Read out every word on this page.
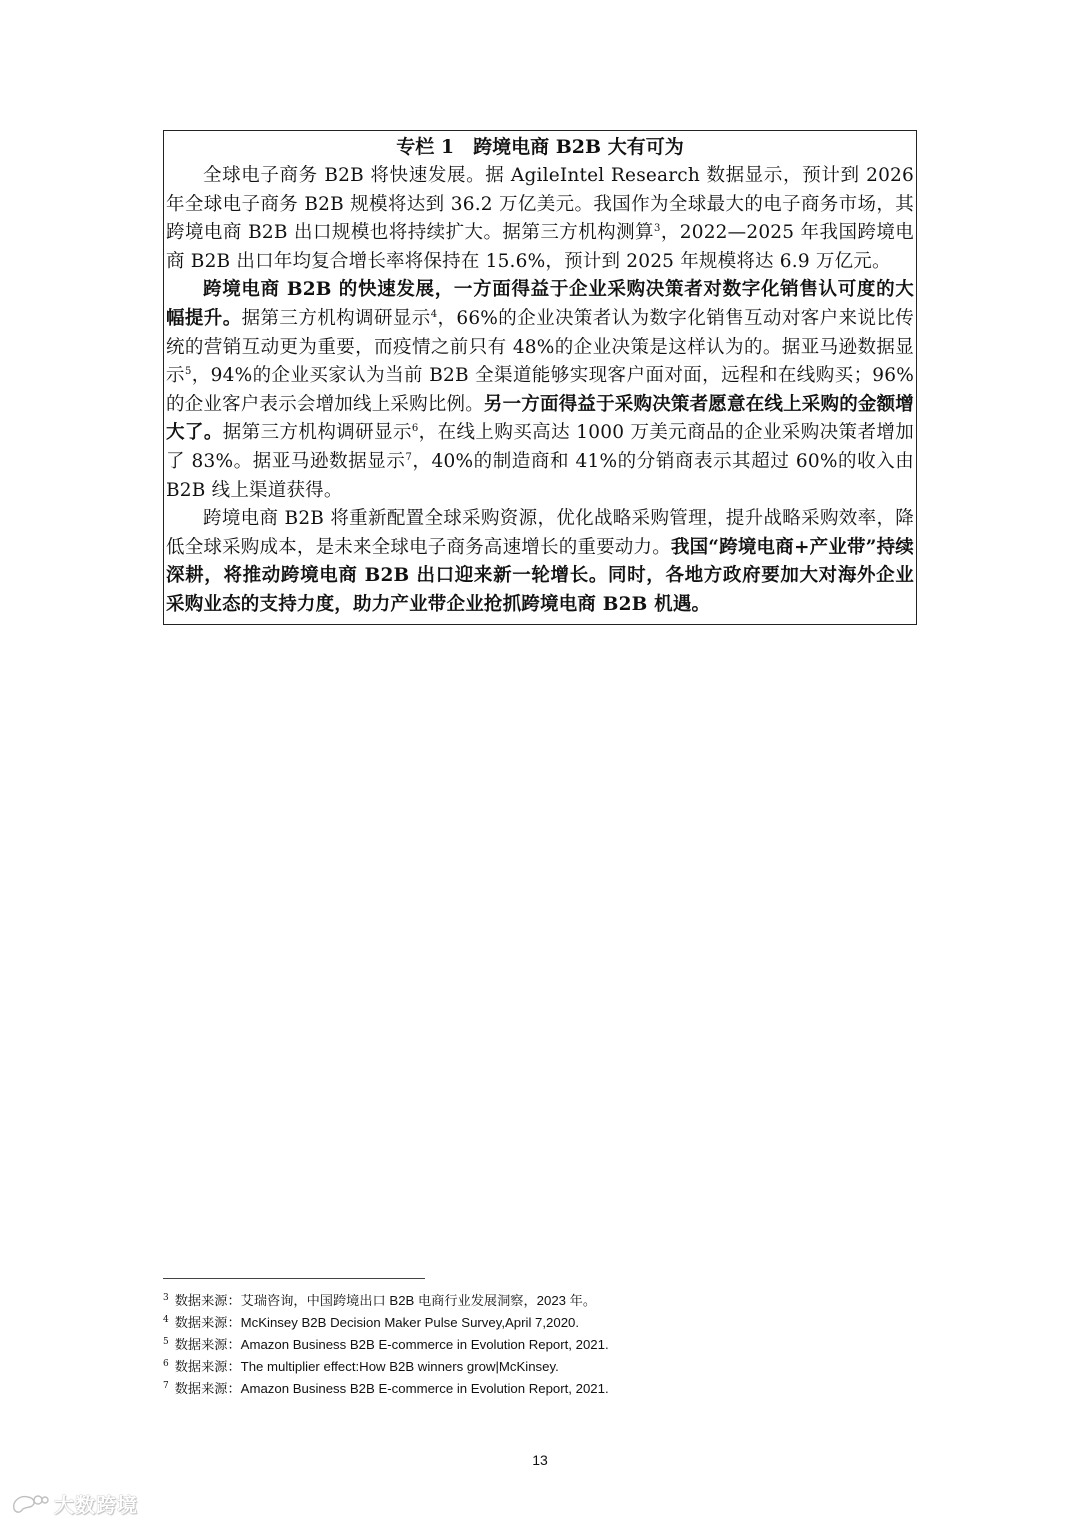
专栏 1　跨境电商 B2B 大有可为

全球电子商务 B2B 将快速发展。据 AgileIntel Research 数据显示，预计到 2026 年全球电子商务 B2B 规模将达到 36.2 万亿美元。我国作为全球最大的电子商务市场，其跨境电商 B2B 出口规模也将持续扩大。据第三方机构测算$^3$，2022—2025 年我国跨境电商 B2B 出口年均复合增长率将保持在 15.6%，预计到 2025 年规模将达 6.9 万亿元。

跨境电商 B2B 的快速发展，一方面得益于企业采购决策者对数字化销售认可度的大幅提升。据第三方机构调研显示$^4$，66%的企业决策者认为数字化销售互动对客户来说比传统的营销互动更为重要，而疫情之前只有 48%的企业决策是这样认为的。据亚马逊数据显示$^5$，94%的企业买家认为当前 B2B 全渠道能够实现客户面对面，远程和在线购买；96%的企业客户表示会增加线上采购比例。另一方面得益于采购决策者愿意在线上采购的金额增大了。据第三方机构调研显示$^6$，在线上购买高达 1000 万美元商品的企业采购决策者增加了 83%。据亚马逊数据显示$^7$，40%的制造商和 41%的分销商表示其超过 60%的收入由 B2B 线上渠道获得。

跨境电商 B2B 将重新配置全球采购资源，优化战略采购管理，提升战略采购效率，降低全球采购成本，是未来全球电子商务高速增长的重要动力。我国“跨境电商+产业带”持续深耕，将推动跨境电商 B2B 出口迎来新一轮增长。同时，各地方政府要加大对海外企业采购业态的支持力度，助力产业带企业抢抓跨境电商 B2B 机遇。

$^3$ 数据来源：艾瑞咨询，中国跨境出口 B2B 电商行业发展洞察，2023 年。
$^4$ 数据来源：McKinsey B2B Decision Maker Pulse Survey,April 7,2020.
$^5$ 数据来源：Amazon Business B2B E-commerce in Evolution Report, 2021.
$^6$ 数据来源：The multiplier effect:How B2B winners grow|McKinsey.
$^7$ 数据来源：Amazon Business B2B E-commerce in Evolution Report, 2021.
13
大数跨境
